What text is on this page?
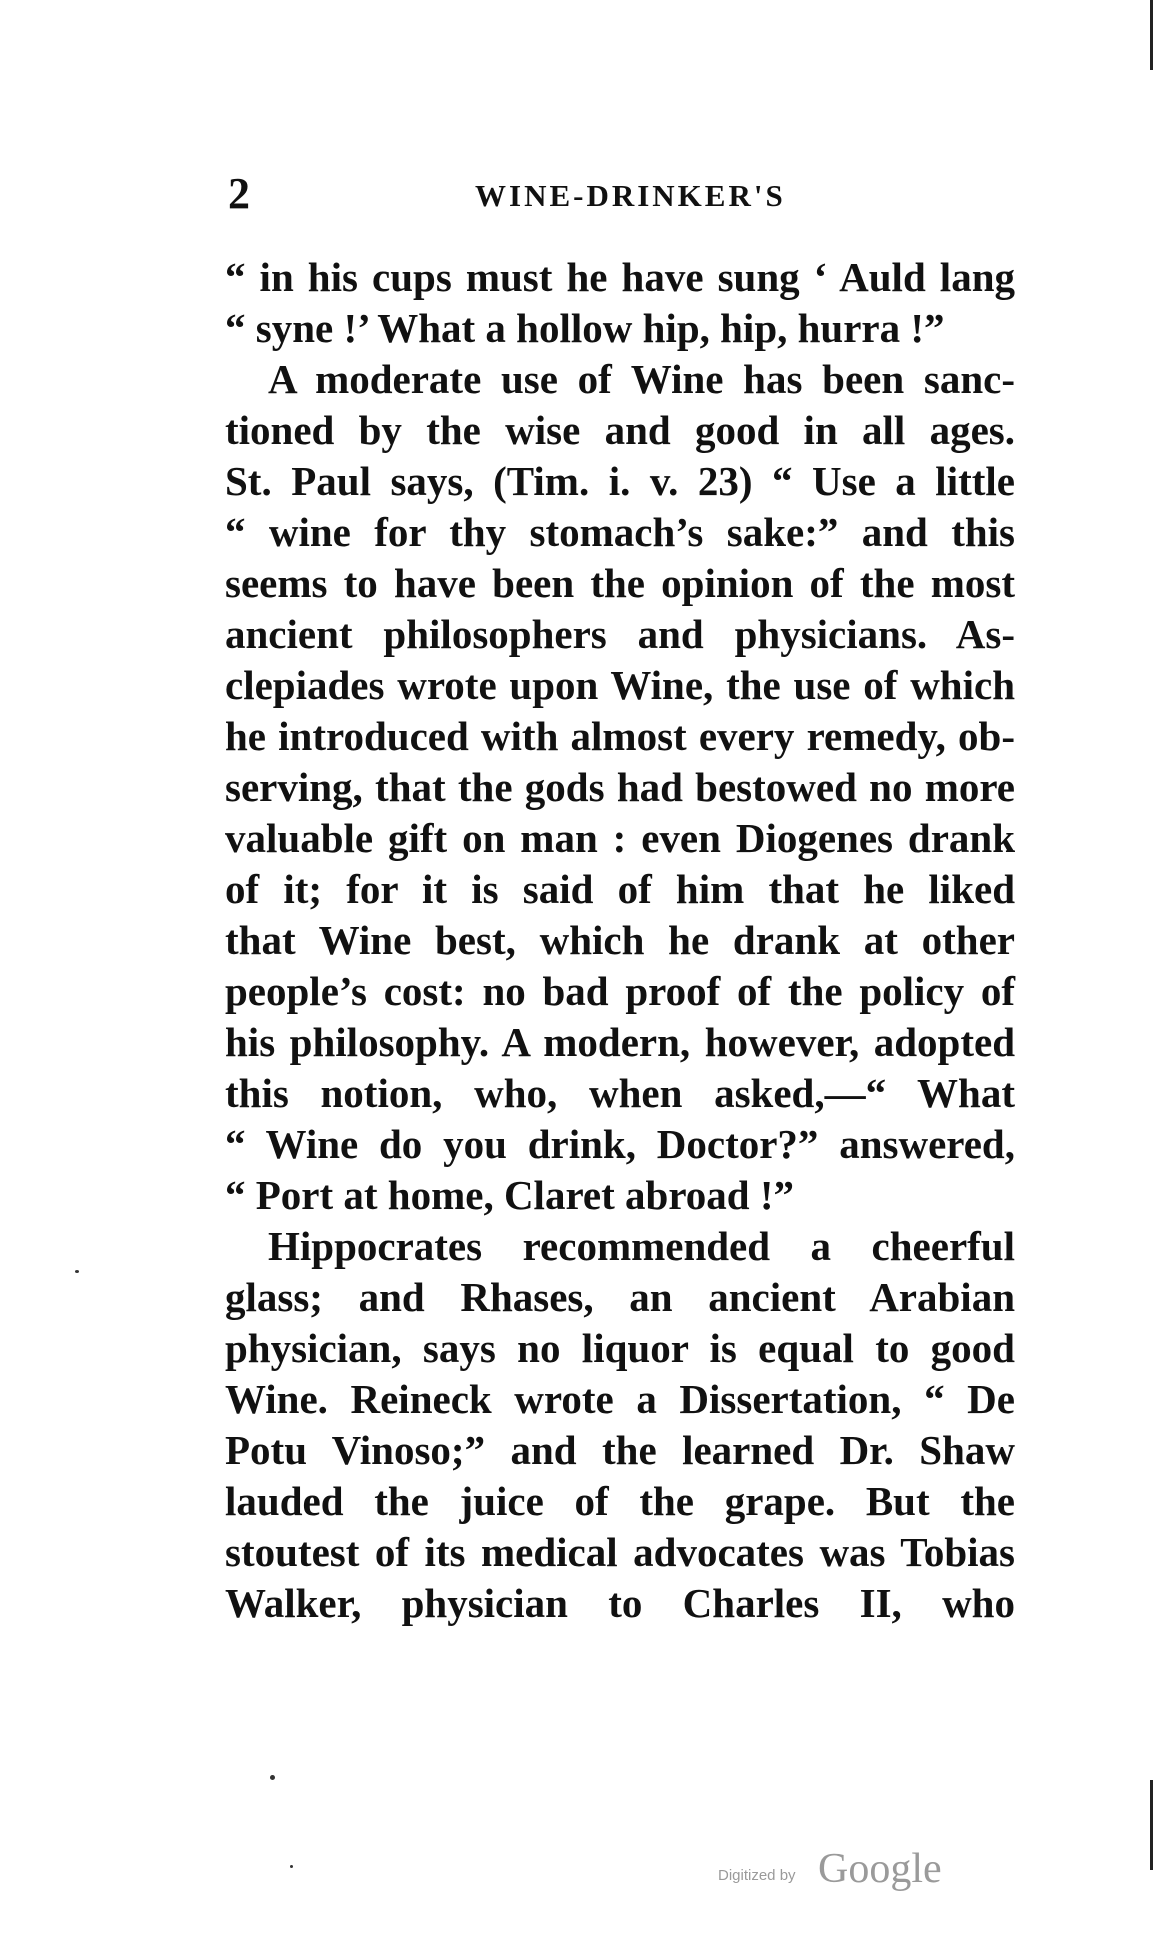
2	WINE-DRINKER'S
“ in his cups must he have sung ‘ Auld lang
“ syne !’ What a hollow hip, hip, hurra !”
A moderate use of Wine has been sanc-
tioned by the wise and good in all ages.
St. Paul says, (Tim. i. v. 23) “ Use a little
“ wine for thy stomach’s sake:” and this
seems to have been the opinion of the most
ancient philosophers and physicians. As-
clepiades wrote upon Wine, the use of which
he introduced with almost every remedy, ob-
serving, that the gods had bestowed no more
valuable gift on man : even Diogenes drank
of it; for it is said of him that he liked
that Wine best, which he drank at other
people’s cost: no bad proof of the policy of
his philosophy. A modern, however, adopted
this notion, who, when asked,—“ What
“ Wine do you drink, Doctor?” answered,
“ Port at home, Claret abroad !”
Hippocrates recommended a cheerful
glass; and Rhases, an ancient Arabian
physician, says no liquor is equal to good
Wine. Reineck wrote a Dissertation, “ De
Potu Vinoso;” and the learned Dr. Shaw
lauded the juice of the grape. But the
stoutest of its medical advocates was Tobias
Walker, physician to Charles II, who
Digitized by Google
